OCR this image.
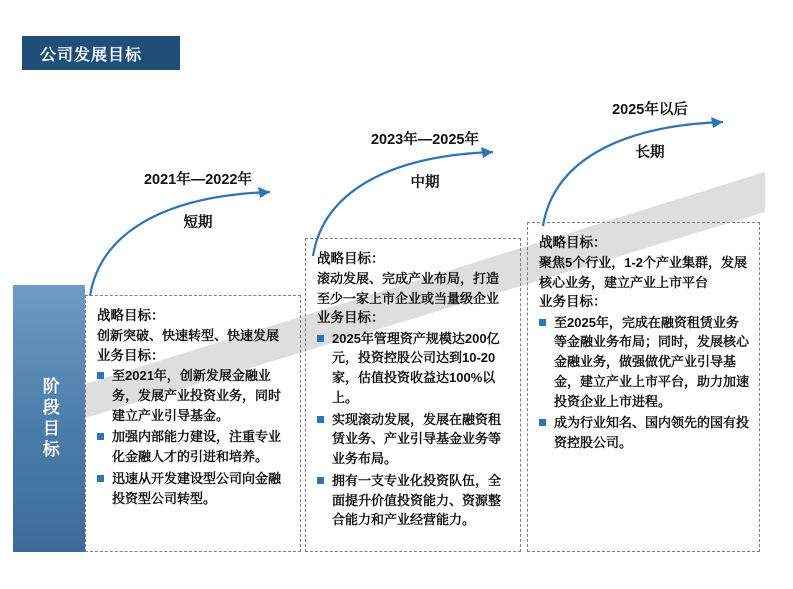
公司发展目标
阶段目标
2021年—2022年
短期
2023年—2025年
中期
2025年以后
长期
战略目标：
创新突破、快速转型、快速发展
业务目标：
至2021年，创新发展金融业务，发展产业投资业务，同时建立产业引导基金。
加强内部能力建设，注重专业化金融人才的引进和培养。
迅速从开发建设型公司向金融投资型公司转型。
战略目标：
滚动发展、完成产业布局，打造至少一家上市企业或当量级企业
业务目标：
2025年管理资产规模达200亿元，投资控股公司达到10-20家，估值投资收益达100%以上。
实现滚动发展，发展在融资租赁业务、产业引导基金业务等业务布局。
拥有一支专业化投资队伍，全面提升价值投资能力、资源整合能力和产业经营能力。
战略目标：
聚焦5个行业，1-2个产业集群，发展核心业务，建立产业上市平台
业务目标：
至2025年，完成在融资租赁业务等金融业务布局；同时，发展核心金融业务，做强做优产业引导基金，建立产业上市平台，助力加速投资企业上市进程。
成为行业知名、国内领先的国有投资控股公司。
